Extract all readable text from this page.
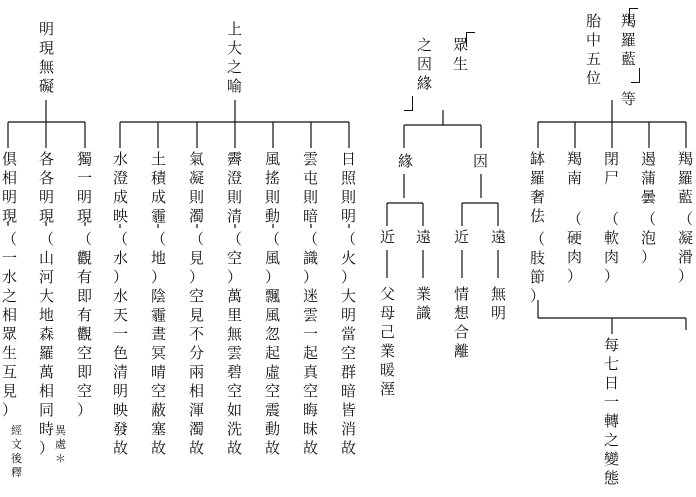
明
現
無
礙
獨
一
明
現
（
觀
有
即
有
觀
空
即
空
）
各
各
明
現
（
山
河
大
地
森
羅
萬
相
同
時
）
俱
相
明
現
（
一
水
之
相
眾
生
互
見
）
異
處
＊
經
文
後
釋
上
大
之
喻
日
照
則
明
（
火
）
大
明
當
空
群
暗
皆
消
故
雲
屯
則
暗
（
識
）
迷
雲
一
起
真
空
晦
昧
故
風
搖
則
動
（
風
）
飄
風
忽
起
虛
空
震
動
故
霽
澄
則
清
（
空
）
萬
里
無
雲
碧
空
如
洗
故
氣
凝
則
濁
（
見
）
空
見
不
分
兩
相
渾
濁
故
土
積
成
霾
（
地
）
陰
霾
晝
冥
晴
空
蔽
塞
故
水
澄
成
映
（
水
）
水
天
一
色
清
明
映
發
故
眾
生
之
因
緣
緣	因
遠
近	遠
近
業
識
父
母
己
業
暖
溼
無
明
情
想
合
離
羯
羅
藍
胎
中
五
位
等
羯
羅
藍
（
凝
滑
）
遏
蒲
曇
（
泡
）
閉
尸
（
軟
肉
）
羯
南
（
硬
肉
）
缽
羅
奢
佉
（
肢
節
）
每
七
日
一
轉
之
變
態
